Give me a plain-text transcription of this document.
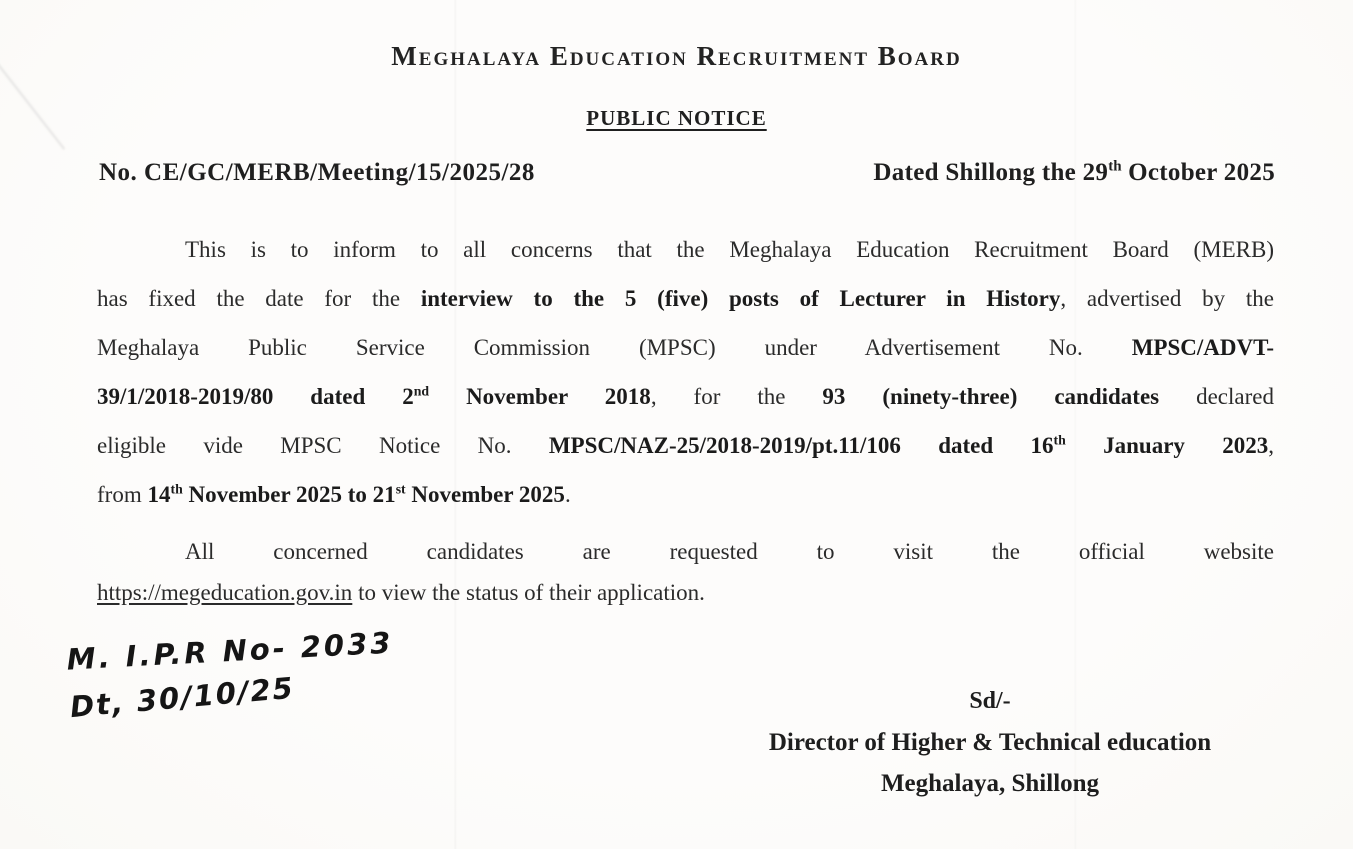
Meghalaya Education Recruitment Board
PUBLIC NOTICE
No. CE/GC/MERB/Meeting/15/2025/28	Dated Shillong the 29th October 2025
This is to inform to all concerns that the Meghalaya Education Recruitment Board (MERB)
has fixed the date for the interview to the 5 (five) posts of Lecturer in History, advertised by the
Meghalaya Public Service Commission (MPSC) under Advertisement No. MPSC/ADVT-
39/1/2018-2019/80 dated 2nd November 2018, for the 93 (ninety-three) candidates declared
eligible vide MPSC Notice No. MPSC/NAZ-25/2018-2019/pt.11/106 dated 16th January 2023,
from 14th November 2025 to 21st November 2025.
All concerned candidates are requested to visit the official website
https://megeducation.gov.in to view the status of their application.
M. I.P.R No- 2033
Dt, 30/10/25	Sd/-
Director of Higher & Technical education
Meghalaya, Shillong
